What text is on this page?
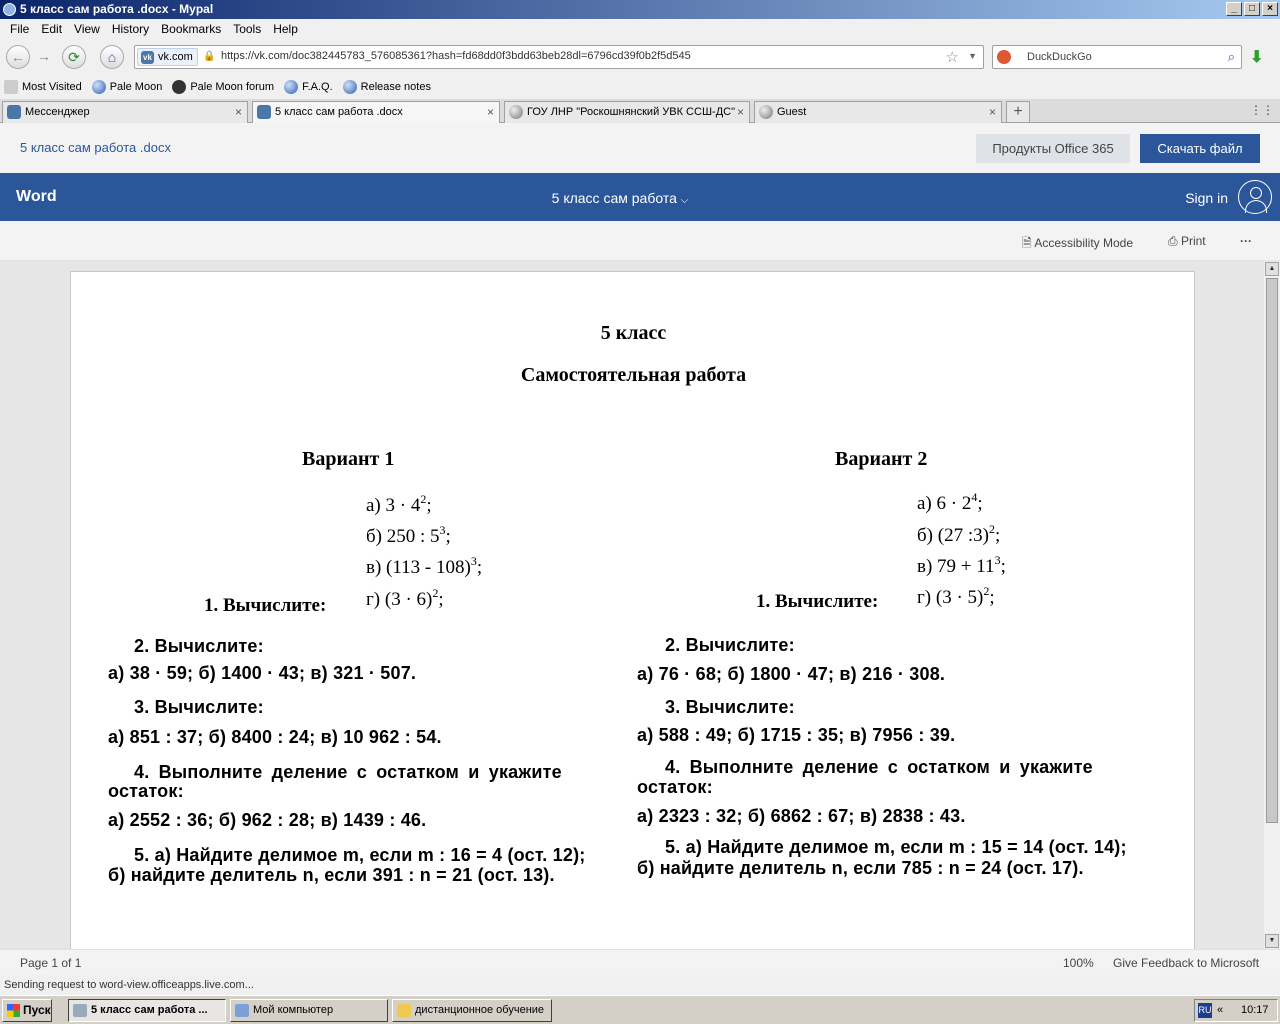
5 класс сам работа .docx - Mypal	_	□	×
File	Edit	View	History	Bookmarks	Tools	Help
← →	⟳	⌂	vk vk.com	🔒 https://vk.com/doc382445783_576085361?hash=fd68dd0f3bdd63beb28dl=6796cd39f0b2f5d545	☆ ▼	DuckDuckGo	⌕ ⬇
Most Visited	Pale Moon	Pale Moon forum	F.A.Q.	Release notes
Мессенджер	×	5 класс сам работа .docx	×	ГОУ ЛНР "Роскошнянский УВК ССШ-ДС" ×	Guest	×	+	⋮⋮
5 класс сам работа .docx	Продукты Office 365	Скачать файл
Word	5 класс сам работа ⌵	Sign in
🗎 Accessibility Mode	⎙ Print	···
▲
▼
5 класс
Самостоятельная работа
Вариант 1
а) $3 \cdot 4^2$;
б) 250 : $5^3$;
в) (113 - 108)$^3$;
г) $(3 \cdot 6)^2$;
1. Вычислите:
2. Вычислите:
а) 38 · 59; б) 1400 · 43; в) 321 · 507.
3. Вычислите:
а) 851 : 37; б) 8400 : 24; в) 10 962 : 54.
4. Выполните деление с остатком и укажите
остаток:
а) 2552 : 36; б) 962 : 28; в) 1439 : 46.
5. а) Найдите делимое m, если m : 16 = 4 (ост. 12);
б) найдите делитель n, если 391 : n = 21 (ост. 13).
Вариант 2
а) $6 \cdot 2^4$;
б) (27 :3)$^2$;
в) $79 + 11^3$;
г) $(3 \cdot 5)^2$;
1. Вычислите:
2. Вычислите:
а) 76 · 68; б) 1800 · 47; в) 216 · 308.
3. Вычислите:
а) 588 : 49; б) 1715 : 35; в) 7956 : 39.
4. Выполните деление с остатком и укажите
остаток:
а) 2323 : 32; б) 6862 : 67; в) 2838 : 43.
5. а) Найдите делимое m, если m : 15 = 14 (ост. 14);
б) найдите делитель n, если 785 : n = 24 (ост. 17).
Page 1 of 1	100% Give Feedback to Microsoft
Sending request to word-view.officeapps.live.com...
Пуск	5 класс сам работа ...	Мой компьютер	дистанционное обучение	RU « 10:17
